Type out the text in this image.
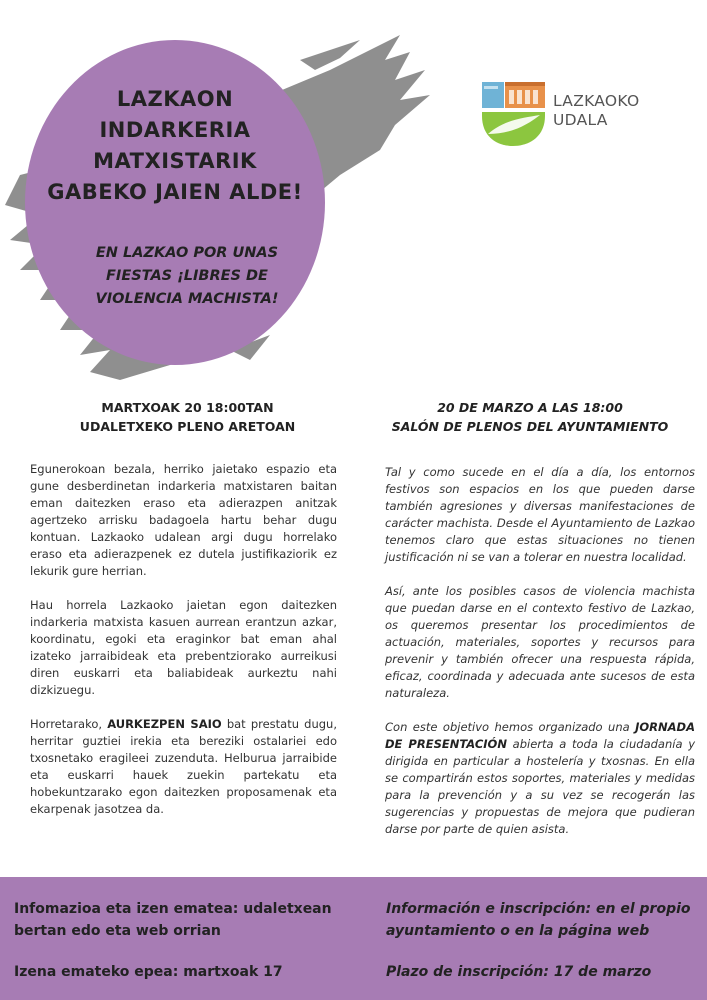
LAZKAON
INDARKERIA
MATXISTARIK
GABEKO JAIEN ALDE!
EN LAZKAO POR UNAS
FIESTAS ¡LIBRES DE
VIOLENCIA MACHISTA!
LAZKAOKO
UDALA
MARTXOAK 20 18:00TAN
UDALETXEKO PLENO ARETOAN
20 DE MARZO A LAS 18:00
SALÓN DE PLENOS DEL AYUNTAMIENTO

Egunerokoan bezala, herriko jaietako espazio eta gune desberdinetan indarkeria matxistaren baitan eman daitezken eraso eta adierazpen anitzak agertzeko arrisku badagoela hartu behar dugu kontuan. Lazkaoko udalean argi dugu horrelako eraso eta adierazpenek ez dutela justifikaziorik ez lekurik gure herrian.

Hau horrela Lazkaoko jaietan egon daitezken indarkeria matxista kasuen aurrean erantzun azkar, koordinatu, egoki eta eraginkor bat eman ahal izateko jarraibideak eta prebentziorako aurreikusi diren euskarri eta baliabideak aurkeztu nahi dizkizuegu.

Horretarako, AURKEZPEN SAIO bat prestatu dugu, herritar guztiei irekia eta bereziki ostalariei edo txosnetako eragileei zuzenduta. Helburua jarraibide eta euskarri hauek zuekin partekatu eta hobekuntzarako egon daitezken proposamenak eta ekarpenak jasotzea da.

Tal y como sucede en el día a día, los entornos festivos son espacios en los que pueden darse también agresiones y diversas manifestaciones de carácter machista. Desde el Ayuntamiento de Lazkao tenemos claro que estas situaciones no tienen justificación ni se van a tolerar en nuestra localidad.

Así, ante los posibles casos de violencia machista que puedan darse en el contexto festivo de Lazkao, os queremos presentar los procedimientos de actuación, materiales, soportes y recursos para prevenir y también ofrecer una respuesta rápida, eficaz, coordinada y adecuada ante sucesos de esta naturaleza.

Con este objetivo hemos organizado una JORNADA DE PRESENTACIÓN abierta a toda la ciudadanía y dirigida en particular a hostelería y txosnas. En ella se compartirán estos soportes, materiales y medidas para la prevención y a su vez se recogerán las sugerencias y propuestas de mejora que pudieran darse por parte de quien asista.

Infomazioa eta izen ematea: udaletxean bertan edo eta web orrian
Información e inscripción: en el propio ayuntamiento o en la página web
Izena emateko epea: martxoak 17	Plazo de inscripción: 17 de marzo
